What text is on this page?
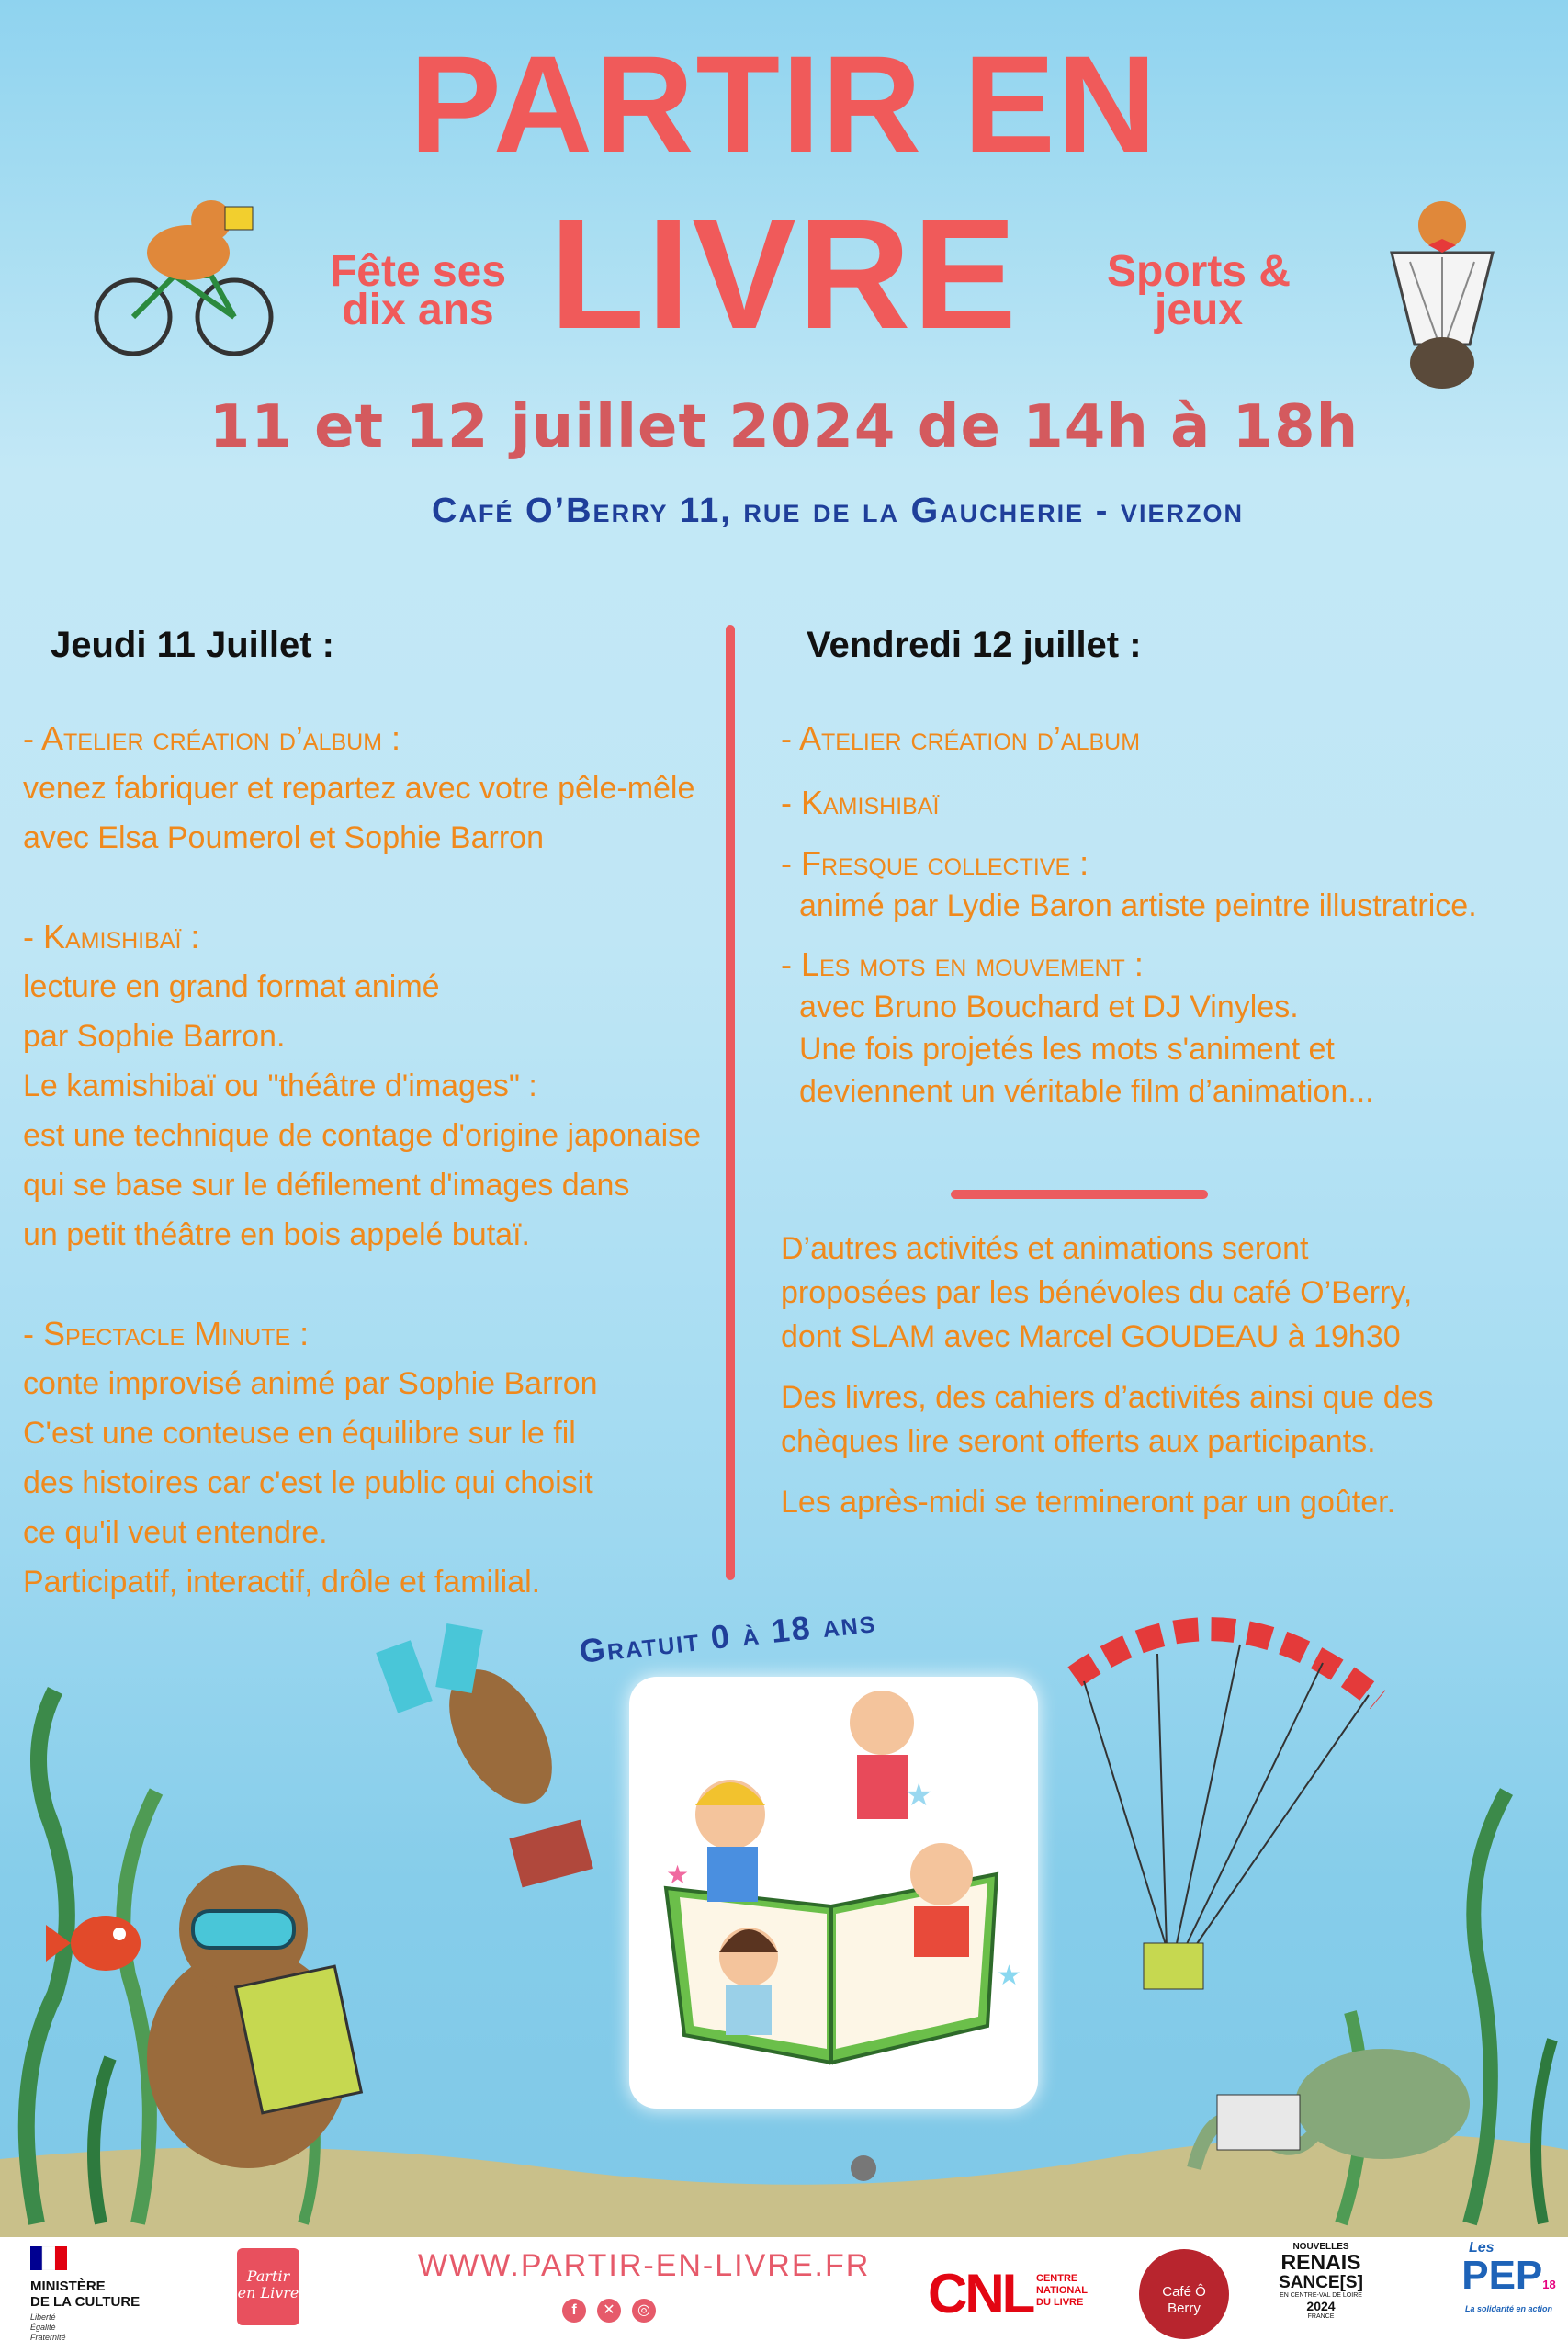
PARTIR EN
LIVRE
Fête ses dix ans
Sports & jeux
11 et 12 juillet 2024 de 14h à 18h
Café O’Berry 11, rue de la Gaucherie - vierzon
Jeudi 11 Juillet :	Vendredi 12 juillet :

- Atelier création d’album :

venez fabriquer et repartez avec votre pêle-mêle

avec Elsa Poumerol et Sophie Barron

- Kamishibaï :

lecture en grand format animé

par Sophie Barron.

Le kamishibaï ou "théâtre d'images" :

est une technique de contage d'origine japonaise

qui se base sur le défilement d'images dans

un petit théâtre en bois appelé butaï.

- Spectacle Minute :

conte improvisé animé par Sophie Barron

C'est une conteuse en équilibre sur le fil

des histoires car c'est le public qui choisit

ce qu'il veut entendre.

Participatif, interactif, drôle et familial.

- Atelier création d’album

- Kamishibaï

- Fresque collective :

animé par Lydie Baron artiste peintre illustratrice.

- Les mots en mouvement :

avec Bruno Bouchard et DJ Vinyles.

Une fois projetés les mots s'animent et

deviennent un véritable film d’animation...

D’autres activités et animations seront

proposées par les bénévoles du café O’Berry,

dont SLAM avec Marcel GOUDEAU à 19h30

Des livres, des cahiers d’activités ainsi que des

chèques lire seront offerts aux participants.

Les après-midi se termineront par un goûter.

Gratuit 0 à 18 ans
★
★
★
MINISTÈRE
DE LA CULTURE
Liberté
Égalité
Fraternité
Partir en Livre
WWW.PARTIR-EN-LIVRE.FR
f	✕	◎	CNL CENTRE
NATIONAL
DU LIVRE
Café Ô
Berry
NOUVELLES
RENAIS
SANCE[S]
EN CENTRE-VAL DE LOIRE
2024
FRANCE
Les
PEP18
La solidarité en action
